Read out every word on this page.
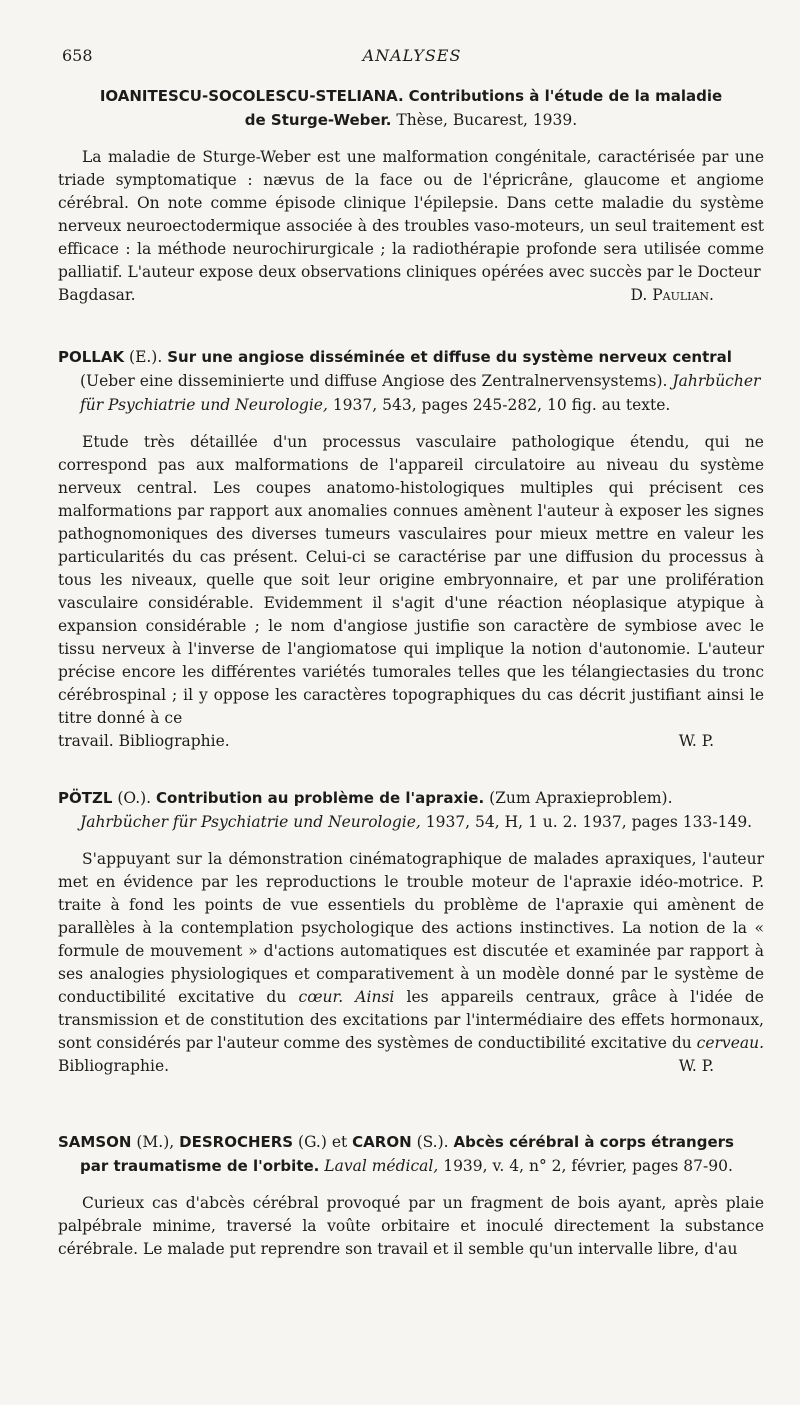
658	ANALYSES

IOANITESCU-SOCOLESCU-STELIANA. Contributions à l'étude de la maladie
de Sturge-Weber. Thèse, Bucarest, 1939.

La maladie de Sturge-Weber est une malformation congénitale, caractérisée par une triade symptomatique : nævus de la face ou de l'épricrâne, glaucome et angiome cérébral. On note comme épisode clinique l'épilepsie. Dans cette maladie du système nerveux neuroectodermique associée à des troubles vaso-moteurs, un seul traitement est efficace : la méthode neurochirurgicale ; la radiothérapie profonde sera utilisée comme palliatif. L'auteur expose deux observations cliniques opérées avec succès par le Docteur

Bagdasar.	D. Paulian.

POLLAK (E.). Sur une angiose disséminée et diffuse du système nerveux central (Ueber eine disseminierte und diffuse Angiose des Zentralnervensystems). Jahrbücher für Psychiatrie und Neurologie, 1937, 543, pages 245-282, 10 fig. au texte.

Etude très détaillée d'un processus vasculaire pathologique étendu, qui ne correspond pas aux malformations de l'appareil circulatoire au niveau du système nerveux central. Les coupes anatomo-histologiques multiples qui précisent ces malformations par rapport aux anomalies connues amènent l'auteur à exposer les signes pathognomoniques des diverses tumeurs vasculaires pour mieux mettre en valeur les particularités du cas présent. Celui-ci se caractérise par une diffusion du processus à tous les niveaux, quelle que soit leur origine embryonnaire, et par une prolifération vasculaire considérable. Evidemment il s'agit d'une réaction néoplasique atypique à expansion considérable ; le nom d'angiose justifie son caractère de symbiose avec le tissu nerveux à l'inverse de l'angiomatose qui implique la notion d'autonomie. L'auteur précise encore les différentes variétés tumorales telles que les télangiectasies du tronc cérébrospinal ; il y oppose les caractères topographiques du cas décrit justifiant ainsi le titre donné à ce

travail. Bibliographie.	W. P.

PÖTZL (O.). Contribution au problème de l'apraxie. (Zum Apraxieproblem). Jahrbücher für Psychiatrie und Neurologie, 1937, 54, H, 1 u. 2. 1937, pages 133-149.

S'appuyant sur la démonstration cinématographique de malades apraxiques, l'auteur met en évidence par les reproductions le trouble moteur de l'apraxie idéo-motrice. P. traite à fond les points de vue essentiels du problème de l'apraxie qui amènent de parallèles à la contemplation psychologique des actions instinctives. La notion de la « formule de mouvement » d'actions automatiques est discutée et examinée par rapport à ses analogies physiologiques et comparativement à un modèle donné par le système de conductibilité excitative du cœur. Ainsi les appareils centraux, grâce à l'idée de transmission et de constitution des excitations par l'intermédiaire des effets hormonaux, sont considérés par l'auteur comme des systèmes de conductibilité excitative du cerveau.

Bibliographie.	W. P.

SAMSON (M.), DESROCHERS (G.) et CARON (S.). Abcès cérébral à corps étrangers par traumatisme de l'orbite. Laval médical, 1939, v. 4, n° 2, février, pages 87-90.

Curieux cas d'abcès cérébral provoqué par un fragment de bois ayant, après plaie palpébrale minime, traversé la voûte orbitaire et inoculé directement la substance cérébrale. Le malade put reprendre son travail et il semble qu'un intervalle libre, d'au
